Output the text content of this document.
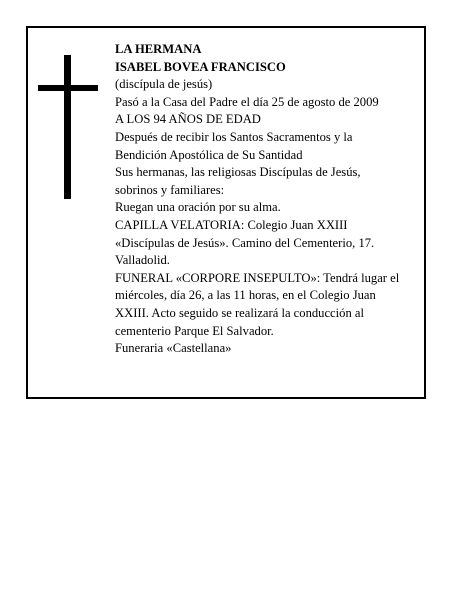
LA HERMANA
ISABEL BOVEA FRANCISCO
(discípula de jesús)
Pasó a la Casa del Padre el día 25 de agosto de 2009
A LOS 94 AÑOS DE EDAD
Después de recibir los Santos Sacramentos y la
Bendición Apostólica de Su Santidad
Sus hermanas, las religiosas Discípulas de Jesús,
sobrinos y familiares:
Ruegan una oración por su alma.
CAPILLA VELATORIA: Colegio Juan XXIII
«Discípulas de Jesús». Camino del Cementerio, 17.
Valladolid.
FUNERAL «CORPORE INSEPULTO»: Tendrá lugar el
miércoles, día 26, a las 11 horas, en el Colegio Juan
XXIII. Acto seguido se realizará la conducción al
cementerio Parque El Salvador.
Funeraria «Castellana»
